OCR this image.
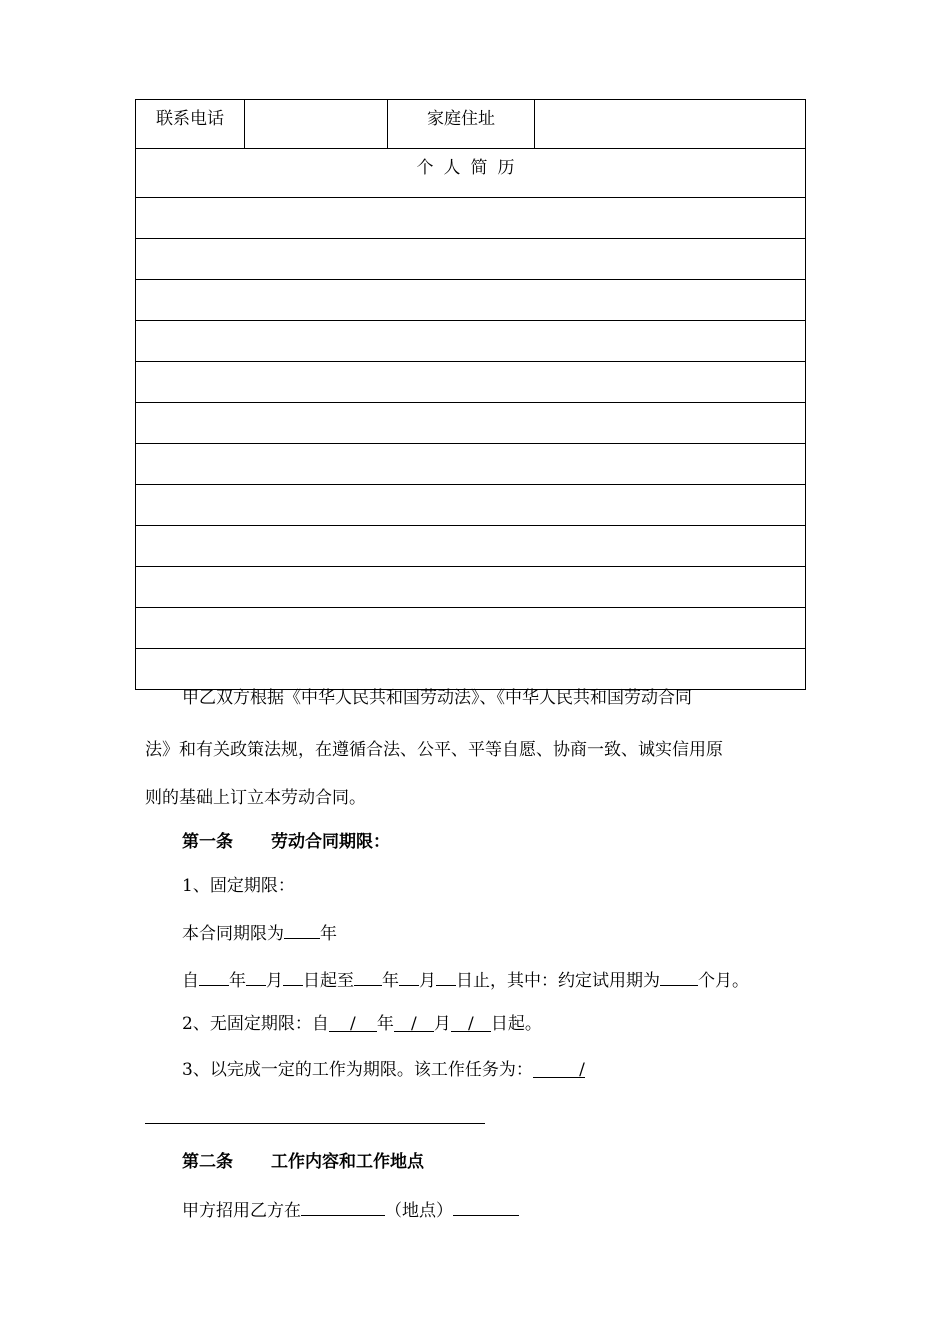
联系电话		家庭住址	
个人简历

甲乙双方根据《中华人民共和国劳动法》、《中华人民共和国劳动合同
法》和有关政策法规，在遵循合法、公平、平等自愿、协商一致、诚实信用原
则的基础上订立本劳动合同。
第一条 劳动合同期限：
1、固定期限：
本合同期限为 年
自 年 月 日起至 年 月 日止，其中：约定试用期为 个月。
2、无固定期限：自 / 年 / 月 / 日起。
3、以完成一定的工作为期限。该工作任务为：	/
第二条 工作内容和工作地点
甲方招用乙方在	（地点）
